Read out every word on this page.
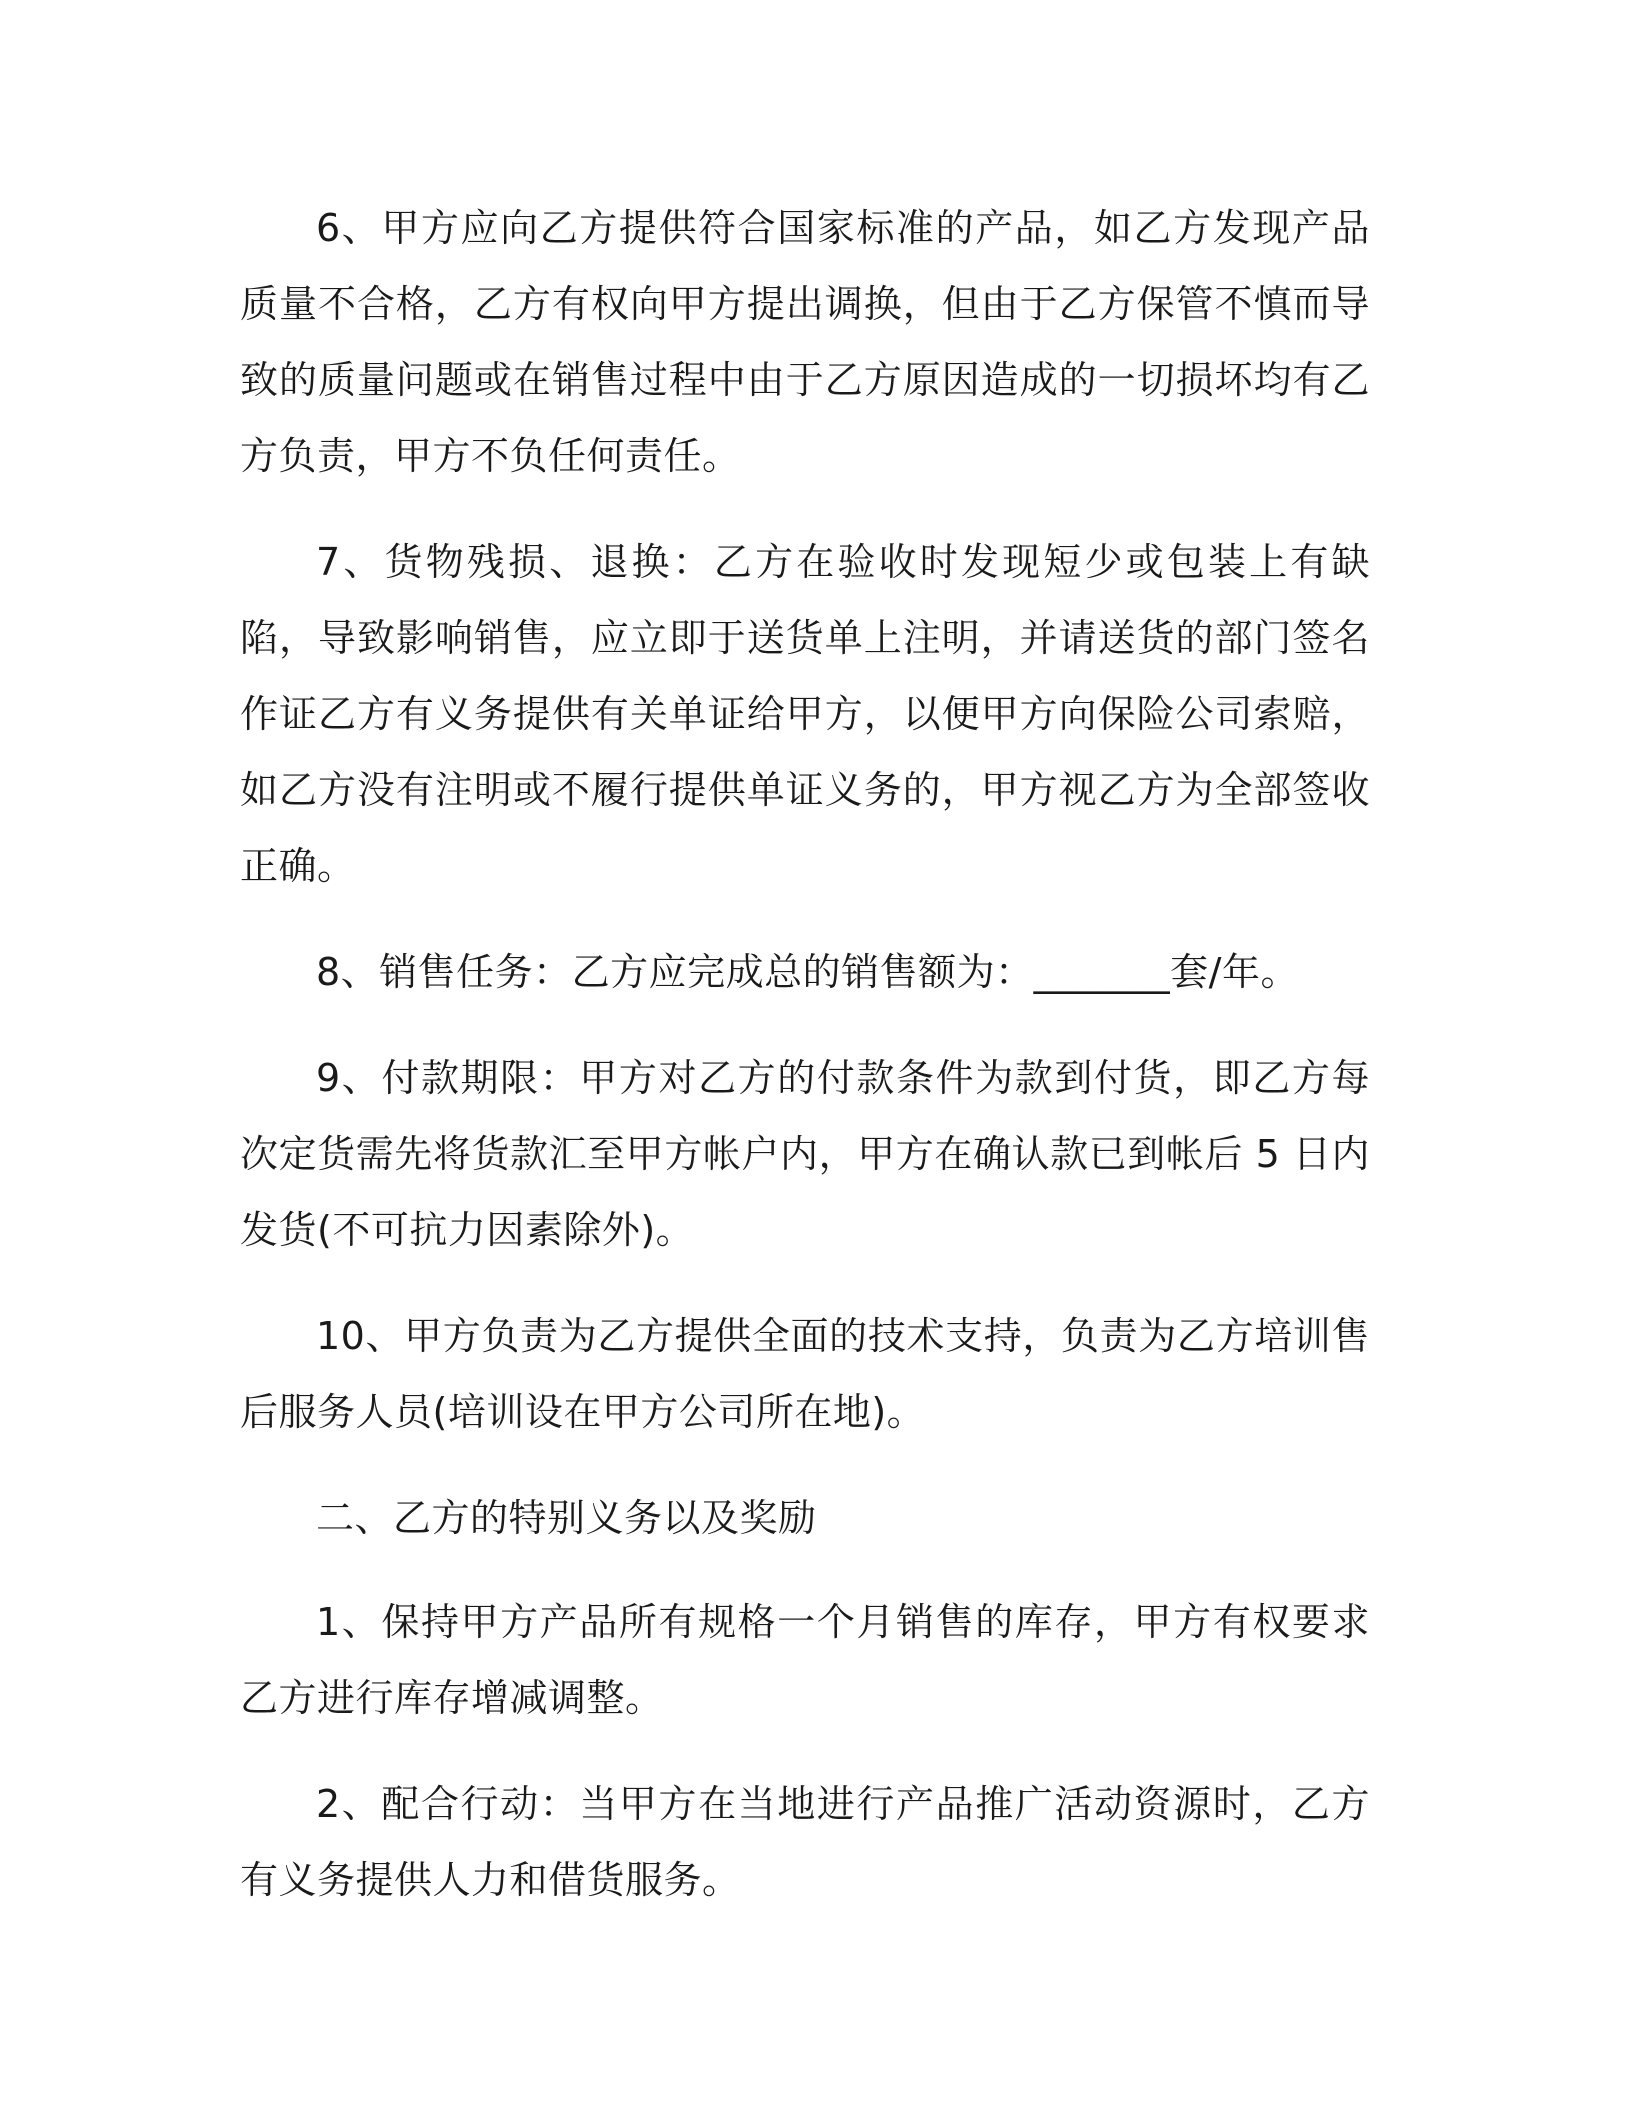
6、甲方应向乙方提供符合国家标准的产品，如乙方发现产品质量不合格，乙方有权向甲方提出调换，但由于乙方保管不慎而导致的质量问题或在销售过程中由于乙方原因造成的一切损坏均有乙方负责，甲方不负任何责任。

7、货物残损、退换：乙方在验收时发现短少或包装上有缺陷，导致影响销售，应立即于送货单上注明，并请送货的部门签名作证乙方有义务提供有关单证给甲方，以便甲方向保险公司索赔，如乙方没有注明或不履行提供单证义务的，甲方视乙方为全部签收正确。

8、销售任务：乙方应完成总的销售额为：_______套/年。

9、付款期限：甲方对乙方的付款条件为款到付货，即乙方每次定货需先将货款汇至甲方帐户内，甲方在确认款已到帐后 5 日内发货(不可抗力因素除外)。

10、甲方负责为乙方提供全面的技术支持，负责为乙方培训售后服务人员(培训设在甲方公司所在地)。

二、乙方的特别义务以及奖励

1、保持甲方产品所有规格一个月销售的库存，甲方有权要求乙方进行库存增减调整。

2、配合行动：当甲方在当地进行产品推广活动资源时，乙方有义务提供人力和借货服务。
